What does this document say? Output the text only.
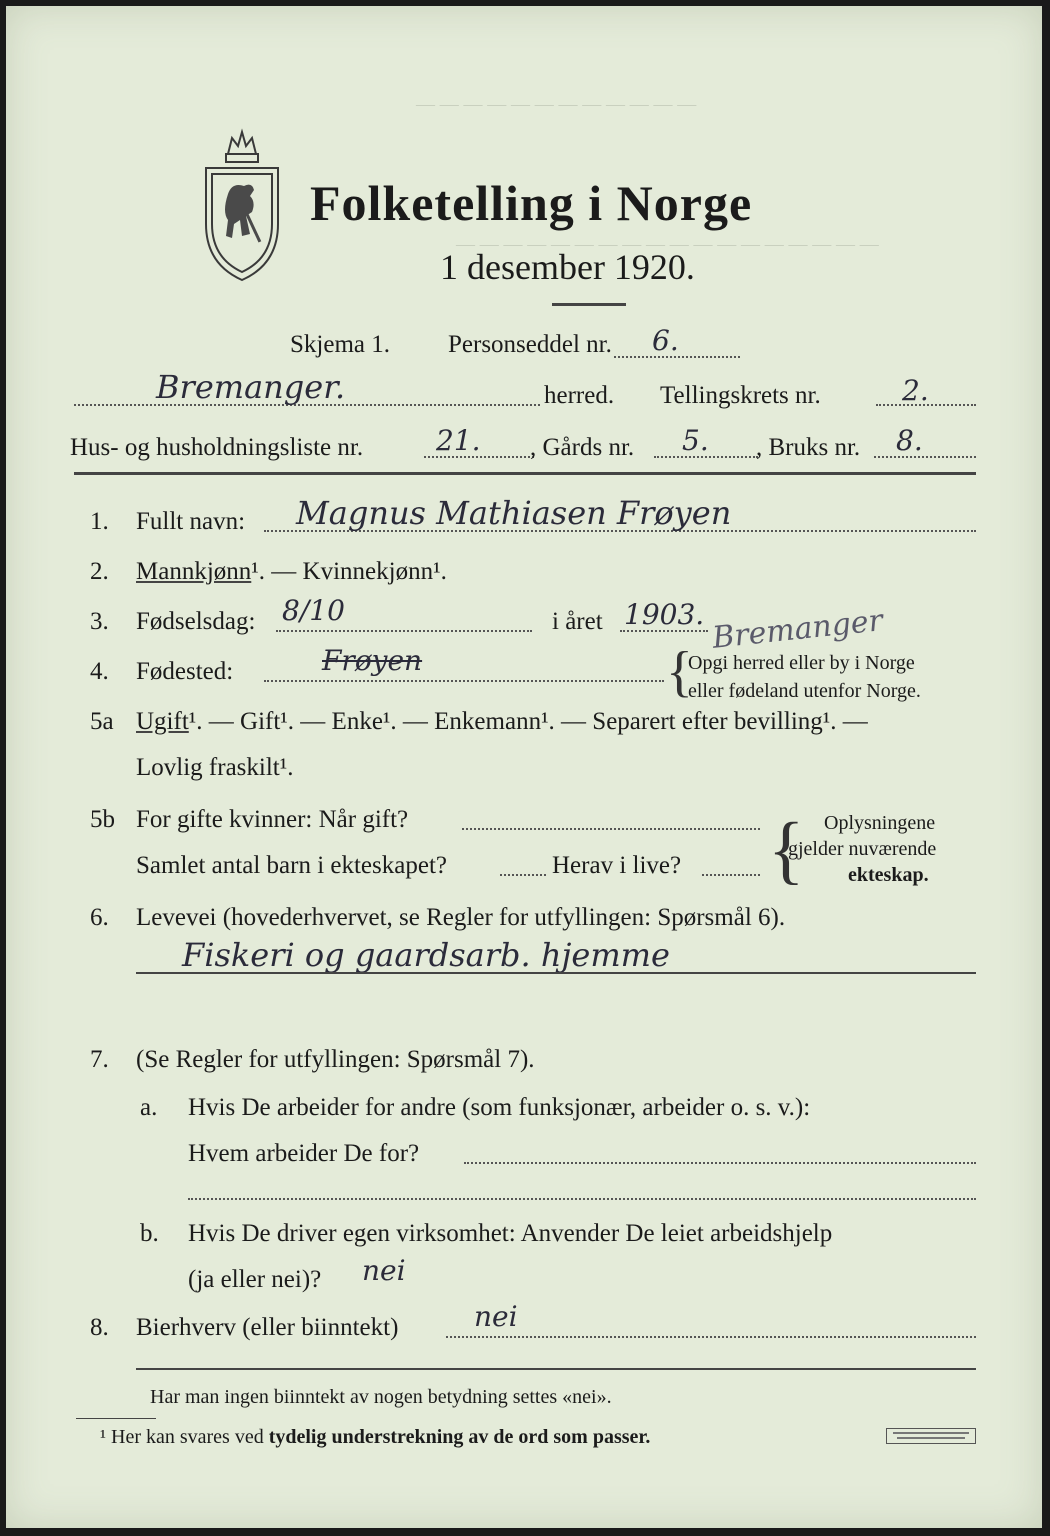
— — — — — — — — — — — —
— — — — — — — — — — — — — — — — — —
Folketelling i Norge
1 desember 1920.
Skjema 1. Personseddel nr. 6.
Bremanger.	herred. Tellingskrets nr.	2.
Hus- og husholdningsliste nr.	21. , Gårds nr. 5. , Bruks nr. 8.
1. Fullt navn: Magnus Mathiasen Frøyen
2. Mannkjønn¹. — Kvinnekjønn¹.
3. Fødselsdag: 8/10	i året 1903. Bremanger
4. Fødested:	Frøyen	{
Opgi herred eller by i Norge
eller fødeland utenfor Norge.
5a Ugift¹. — Gift¹. — Enke¹. — Enkemann¹. — Separert efter bevilling¹. —
Lovlig fraskilt¹.
5b For gifte kvinner: Når gift?
Samlet antal barn i ekteskapet?	Herav i live? { Oplysningene
gjelder nuværende
ekteskap.
6. Levevei (hovederhvervet, se Regler for utfyllingen: Spørsmål 6).
Fiskeri og gaardsarb. hjemme
7. (Se Regler for utfyllingen: Spørsmål 7).
a. Hvis De arbeider for andre (som funksjonær, arbeider o. s. v.):
Hvem arbeider De for?
b. Hvis De driver egen virksomhet: Anvender De leiet arbeidshjelp
(ja eller nei)? nei
8. Bierhverv (eller biinntekt)	nei
Har man ingen biinntekt av nogen betydning settes «nei».
¹ Her kan svares ved tydelig understrekning av de ord som passer.
